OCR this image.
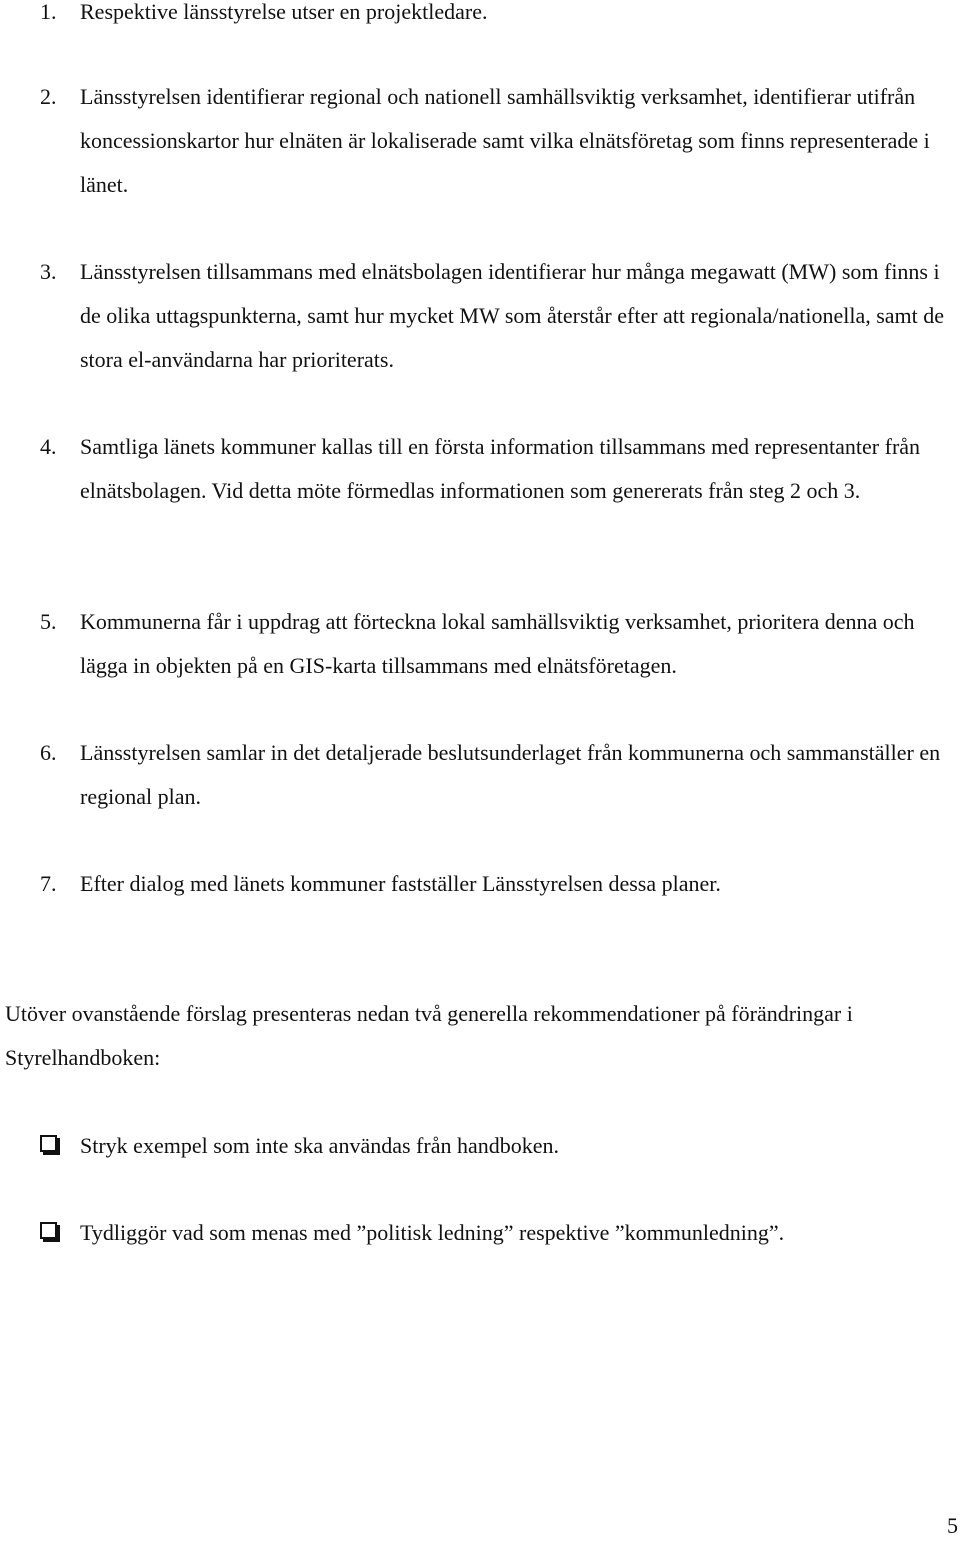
1. Respektive länsstyrelse utser en projektledare.
2. Länsstyrelsen identifierar regional och nationell samhällsviktig verksamhet, identifierar utifrån koncessionskartor hur elnäten är lokaliserade samt vilka elnätsföretag som finns representerade i länet.
3. Länsstyrelsen tillsammans med elnätsbolagen identifierar hur många megawatt (MW) som finns i de olika uttagspunkterna, samt hur mycket MW som återstår efter att regionala/nationella, samt de stora el-användarna har prioriterats.
4. Samtliga länets kommuner kallas till en första information tillsammans med representanter från elnätsbolagen. Vid detta möte förmedlas informationen som genererats från steg 2 och 3.
5. Kommunerna får i uppdrag att förteckna lokal samhällsviktig verksamhet, prioritera denna och lägga in objekten på en GIS-karta tillsammans med elnätsföretagen.
6. Länsstyrelsen samlar in det detaljerade beslutsunderlaget från kommunerna och sammanställer en regional plan.
7. Efter dialog med länets kommuner fastställer Länsstyrelsen dessa planer.

Utöver ovanstående förslag presenteras nedan två generella rekommendationer på förändringar i Styrelhandboken:

Stryk exempel som inte ska användas från handboken.
Tydliggör vad som menas med ”politisk ledning” respektive ”kommunledning”.
5
